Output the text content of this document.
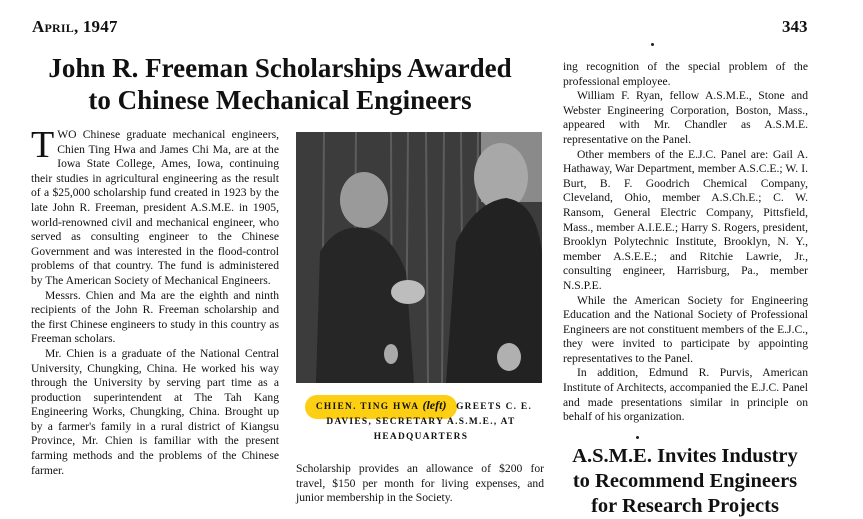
April, 1947	343
John R. Freeman Scholarships Awarded
to Chinese Mechanical Engineers

TWO Chinese graduate mechanical engineers, Chien Ting Hwa and James Chi Ma, are at the Iowa State College, Ames, Iowa, continuing their studies in agricultural engineering as the result of a $25,000 scholarship fund created in 1923 by the late John R. Freeman, president A.S.M.E. in 1905, world-renowned civil and mechanical engineer, who served as consulting engineer to the Chinese Government and was interested in the flood-control problems of that country. The fund is administered by The American Society of Mechanical Engineers.

Messrs. Chien and Ma are the eighth and ninth recipients of the John R. Freeman scholarship and the first Chinese engineers to study in this country as Freeman scholars.

Mr. Chien is a graduate of the National Central University, Chungking, China. He worked his way through the University by serving part time as a production superintendent at The Tah Kang Engineering Works, Chungking, China. Brought up by a farmer's family in a rural district of Kiangsu Province, Mr. Chien is familiar with the present farming methods and the problems of the Chinese farmer.

CHIEN. TING HWA (left) GREETS C. E. DAVIES, SECRETARY A.S.M.E., AT HEADQUARTERS

Scholarship provides an allowance of $200 for travel, $150 per month for living expenses, and junior membership in the Society.

ing recognition of the special problem of the professional employee.

William F. Ryan, fellow A.S.M.E., Stone and Webster Engineering Corporation, Boston, Mass., appeared with Mr. Chandler as A.S.M.E. representative on the Panel.

Other members of the E.J.C. Panel are: Gail A. Hathaway, War Department, member A.S.C.E.; W. I. Burt, B. F. Goodrich Chemical Company, Cleveland, Ohio, member A.S.Ch.E.; C. W. Ransom, General Electric Company, Pittsfield, Mass., member A.I.E.E.; Harry S. Rogers, president, Brooklyn Polytechnic Institute, Brooklyn, N. Y., member A.S.E.E.; and Ritchie Lawrie, Jr., consulting engineer, Harrisburg, Pa., member N.S.P.E.

While the American Society for Engineering Education and the National Society of Professional Engineers are not constituent members of the E.J.C., they were invited to participate by appointing representatives to the Panel.

In addition, Edmund R. Purvis, American Institute of Architects, accompanied the E.J.C. Panel and made presentations similar in principle on behalf of his organization.

A.S.M.E. Invites Industry
to Recommend Engineers
for Research Projects
